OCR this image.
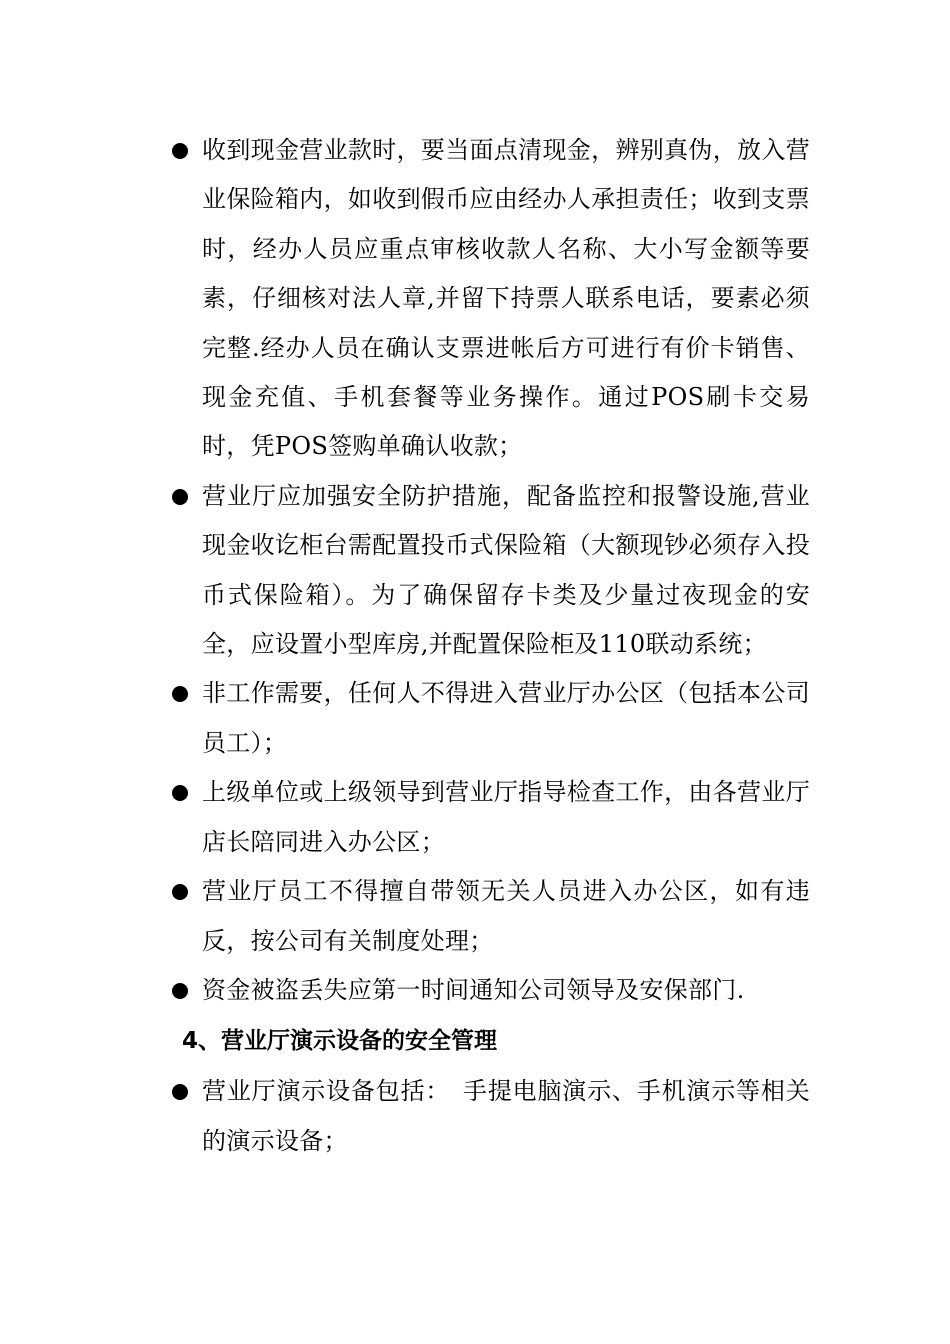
收到现金营业款时，要当面点清现金，辨别真伪，放入营业保险箱内，如收到假币应由经办人承担责任；收到支票时，经办人员应重点审核收款人名称、大小写金额等要素，仔细核对法人章,并留下持票人联系电话，要素必须完整.经办人员在确认支票进帐后方可进行有价卡销售、现金充值、手机套餐等业务操作。通过POS刷卡交易时，凭POS签购单确认收款；
营业厅应加强安全防护措施，配备监控和报警设施,营业现金收讫柜台需配置投币式保险箱（大额现钞必须存入投币式保险箱）。为了确保留存卡类及少量过夜现金的安全，应设置小型库房,并配置保险柜及110联动系统；
非工作需要，任何人不得进入营业厅办公区（包括本公司员工）；
上级单位或上级领导到营业厅指导检查工作，由各营业厅店长陪同进入办公区；
营业厅员工不得擅自带领无关人员进入办公区，如有违反，按公司有关制度处理；
资金被盗丢失应第一时间通知公司领导及安保部门.
4、营业厅演示设备的安全管理
营业厅演示设备包括：　手提电脑演示、手机演示等相关的演示设备；
